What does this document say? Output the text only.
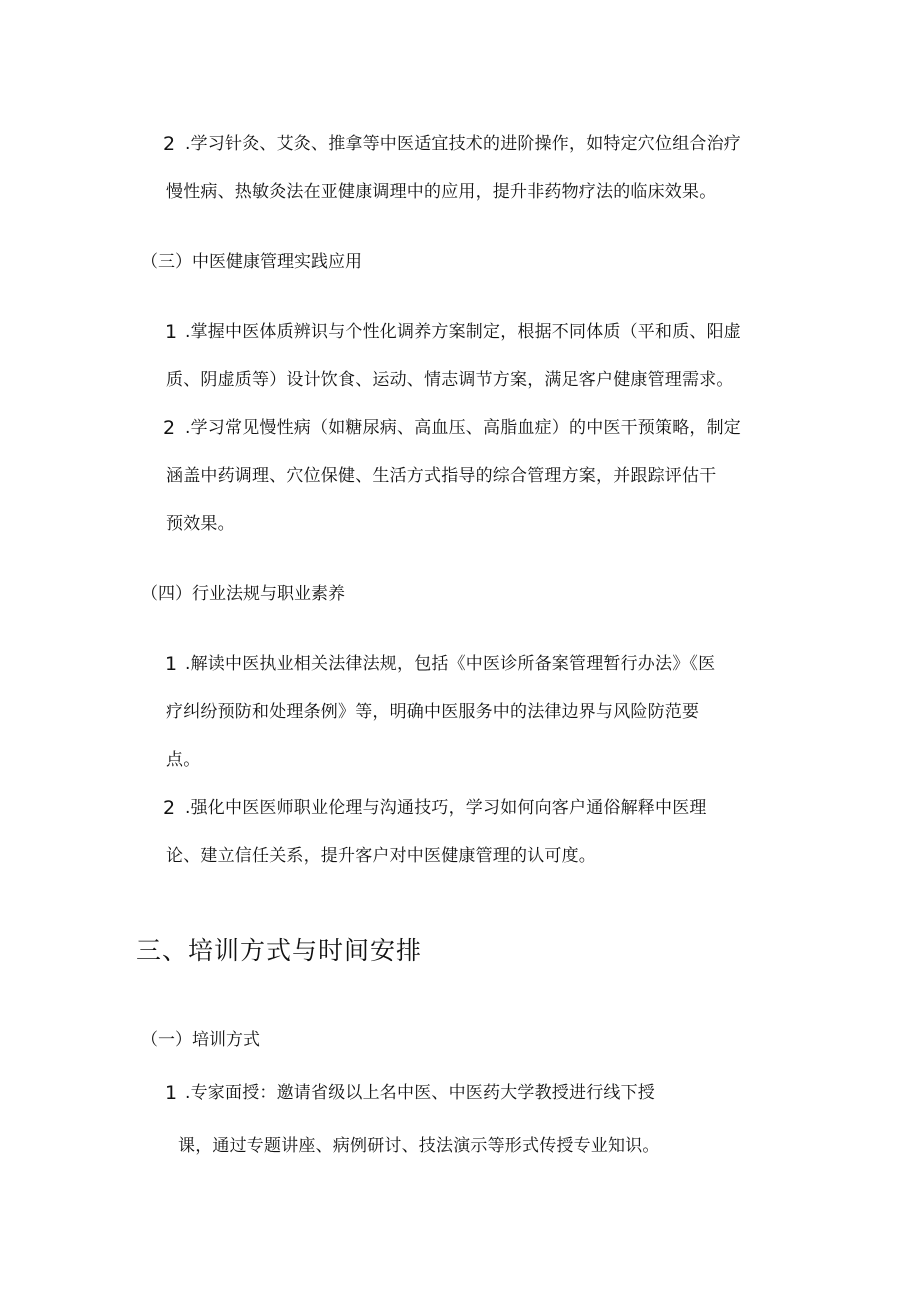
2 .学习针灸、艾灸、推拿等中医适宜技术的进阶操作，如特定穴位组合治疗
慢性病、热敏灸法在亚健康调理中的应用，提升非药物疗法的临床效果。
（三）中医健康管理实践应用
1 .掌握中医体质辨识与个性化调养方案制定，根据不同体质（平和质、阳虚
质、阴虚质等）设计饮食、运动、情志调节方案，满足客户健康管理需求。
2 .学习常见慢性病（如糖尿病、高血压、高脂血症）的中医干预策略，制定
涵盖中药调理、穴位保健、生活方式指导的综合管理方案，并跟踪评估干
预效果。
（四）行业法规与职业素养
1 .解读中医执业相关法律法规，包括《中医诊所备案管理暂行办法》《医
疗纠纷预防和处理条例》等，明确中医服务中的法律边界与风险防范要
点。
2 .强化中医医师职业伦理与沟通技巧，学习如何向客户通俗解释中医理
论、建立信任关系，提升客户对中医健康管理的认可度。
三、培训方式与时间安排
（一）培训方式
1 .专家面授：邀请省级以上名中医、中医药大学教授进行线下授
课，通过专题讲座、病例研讨、技法演示等形式传授专业知识。
